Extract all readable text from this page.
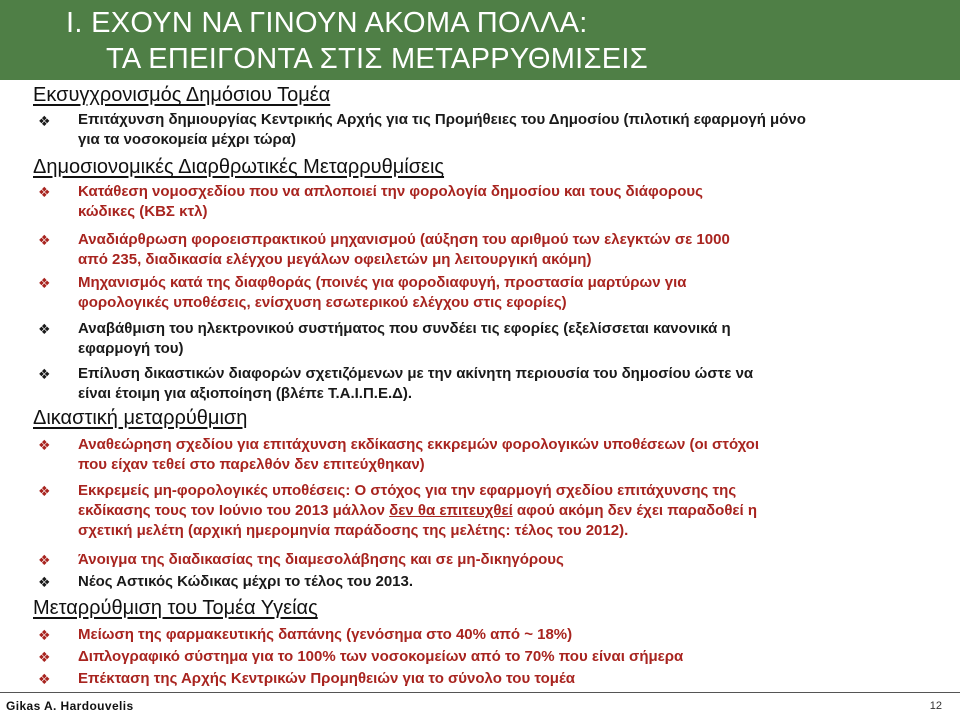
I. ΕΧΟΥΝ ΝΑ ΓΙΝΟΥΝ ΑΚΟΜΑ ΠΟΛΛΑ:
ΤΑ ΕΠΕΙΓΟΝΤΑ ΣΤΙΣ ΜΕΤΑΡΡΥΘΜΙΣΕΙΣ
Εκσυγχρονισμός Δημόσιου Τομέα
❖ Επιτάχυνση δημιουργίας Κεντρικής Αρχής για τις Προμήθειες του Δημοσίου (πιλοτική εφαρμογή μόνο
για τα νοσοκομεία μέχρι τώρα)
Δημοσιονομικές Διαρθρωτικές Μεταρρυθμίσεις
❖ Κατάθεση νομοσχεδίου που να απλοποιεί την φορολογία δημοσίου και τους διάφορους
κώδικες (ΚΒΣ κτλ)
❖ Αναδιάρθρωση φοροεισπρακτικού μηχανισμού (αύξηση του αριθμού των ελεγκτών σε 1000
από 235, διαδικασία ελέγχου μεγάλων οφειλετών μη λειτουργική ακόμη)
❖ Μηχανισμός κατά της διαφθοράς (ποινές για φοροδιαφυγή, προστασία μαρτύρων για
φορολογικές υποθέσεις, ενίσχυση εσωτερικού ελέγχου στις εφορίες)
❖ Αναβάθμιση του ηλεκτρονικού συστήματος που συνδέει τις εφορίες (εξελίσσεται κανονικά η
εφαρμογή του)
❖ Επίλυση δικαστικών διαφορών σχετιζόμενων με την ακίνητη περιουσία του δημοσίου ώστε να
είναι έτοιμη για αξιοποίηση (βλέπε Τ.Α.Ι.Π.Ε.Δ).
Δικαστική μεταρρύθμιση
❖ Αναθεώρηση σχεδίου για επιτάχυνση εκδίκασης εκκρεμών φορολογικών υποθέσεων (οι στόχοι
που είχαν τεθεί στο παρελθόν δεν επιτεύχθηκαν)
❖ Εκκρεμείς μη-φορολογικές υποθέσεις: Ο στόχος για την εφαρμογή σχεδίου επιτάχυνσης της
εκδίκασης τους τον Ιούνιο του 2013 μάλλον δεν θα επιτευχθεί αφού ακόμη δεν έχει παραδοθεί η
σχετική μελέτη (αρχική ημερομηνία παράδοσης της μελέτης: τέλος του 2012).
❖ Άνοιγμα της διαδικασίας της διαμεσολάβησης και σε μη-δικηγόρους
❖ Νέος Αστικός Κώδικας μέχρι το τέλος του 2013.
Μεταρρύθμιση του Τομέα Υγείας
❖ Μείωση της φαρμακευτικής δαπάνης (γενόσημα στο 40% από ~ 18%)
❖ Διπλογραφικό σύστημα για το 100% των νοσοκομείων από το 70% που είναι σήμερα
❖ Επέκταση της Αρχής Κεντρικών Προμηθειών για το σύνολο του τομέα
Gikas A. Hardouvelis	12
